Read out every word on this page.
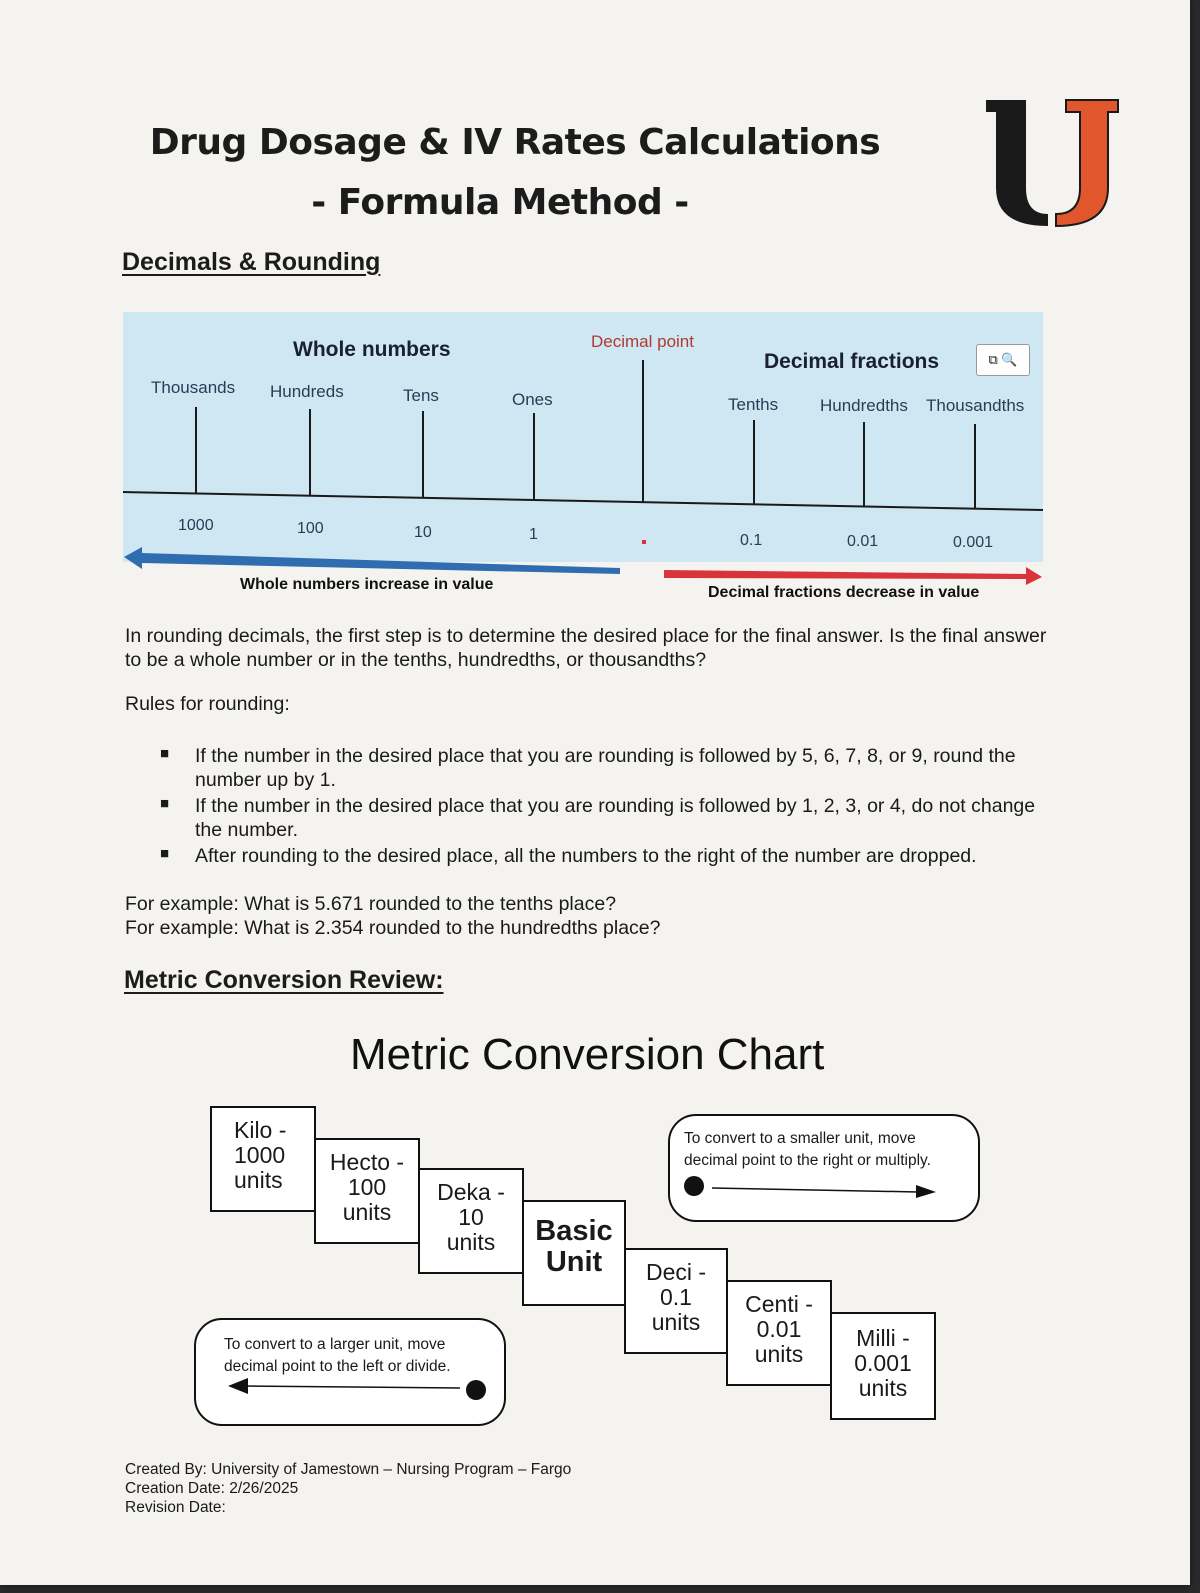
Drug Dosage & IV Rates Calculations
- Formula Method -
U
Decimals & Rounding
Whole numbers	Decimal point
Decimal fractions	⧉ 🔍
Thousands Hundreds	Tens	Ones	Tenths Hundredths Thousandths
1000	100	10	1	0.1	0.01	0.001
Whole numbers increase in value	Decimal fractions decrease in value
In rounding decimals, the first step is to determine the desired place for the final answer. Is the final answer to be a whole number or in the tenths, hundredths, or thousandths?
Rules for rounding:
■ If the number in the desired place that you are rounding is followed by 5, 6, 7, 8, or 9, round the number up by 1.
■ If the number in the desired place that you are rounding is followed by 1, 2, 3, or 4, do not change the number.
■ After rounding to the desired place, all the numbers to the right of the number are dropped.
For example: What is 5.671 rounded to the tenths place?
For example: What is 2.354 rounded to the hundredths place?
Metric Conversion Review:
Metric Conversion Chart
Kilo -
1000
units
Hecto -
100
units
Deka -
10
units	Basic
Unit	Deci -
0.1
units
Centi -
0.01
units
Milli -
0.001
units
To convert to a smaller unit, move
decimal point to the right or multiply.
To convert to a larger unit, move
decimal point to the left or divide.
Created By: University of Jamestown – Nursing Program – Fargo
Creation Date: 2/26/2025
Revision Date:
